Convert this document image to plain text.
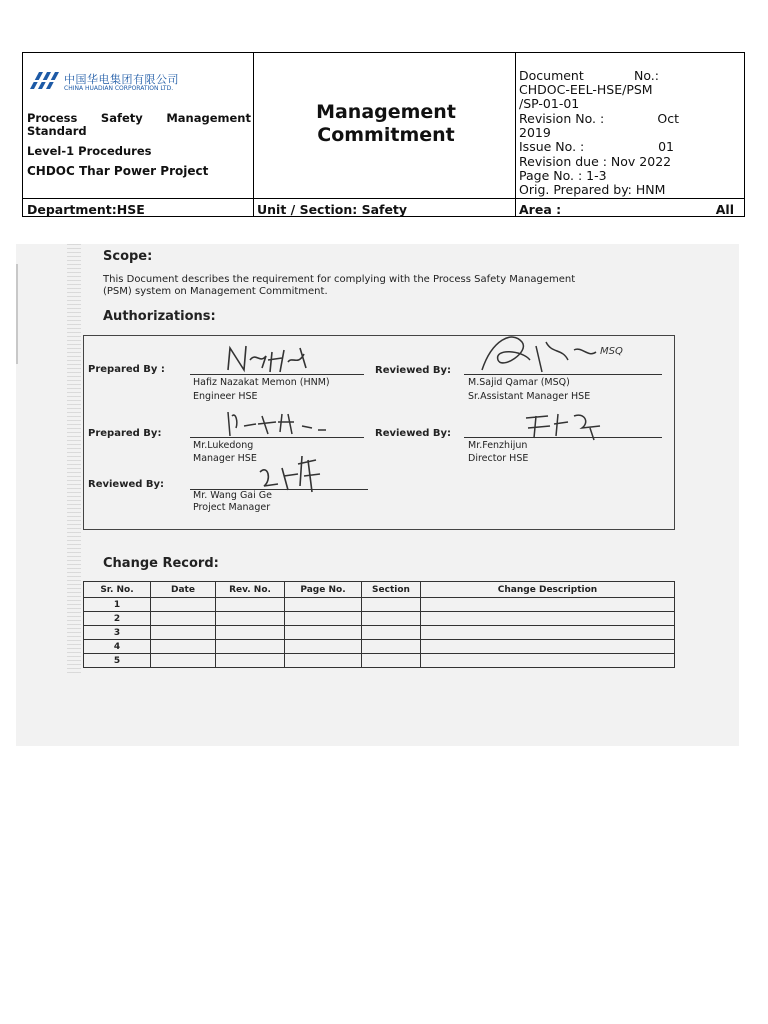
中国华电集团有限公司
CHINA HUADIAN CORPORATION LTD.
Process Safety Management
Standard
Level-1 Procedures
CHDOC Thar Power Project
Management
Commitment
Document	No.:
CHDOC-EEL-HSE/PSM
/SP-01-01
Revision No. :	Oct
2019
Issue No. :	01
Revision due : Nov 2022
Page No. : 1-3
Orig. Prepared by: HNM
Department:HSE	Unit / Section: Safety	Area :	All
Scope:
This Document describes the requirement for complying with the Process Safety Management
(PSM) system on Management Commitment.
Authorizations:
Prepared By :
Hafiz Nazakat Memon (HNM)
Engineer HSE
Reviewed By:
MSQ
M.Sajid Qamar (MSQ)
Sr.Assistant Manager HSE
Prepared By:
Mr.Lukedong
Manager HSE
Reviewed By:
Mr.Fenzhijun
Director HSE
Reviewed By:
Mr. Wang Gai Ge
Project Manager
Change Record:
Sr. No.	Date	Rev. No.	Page No.	Section	Change Description
1					
2					
3					
4					
5					
